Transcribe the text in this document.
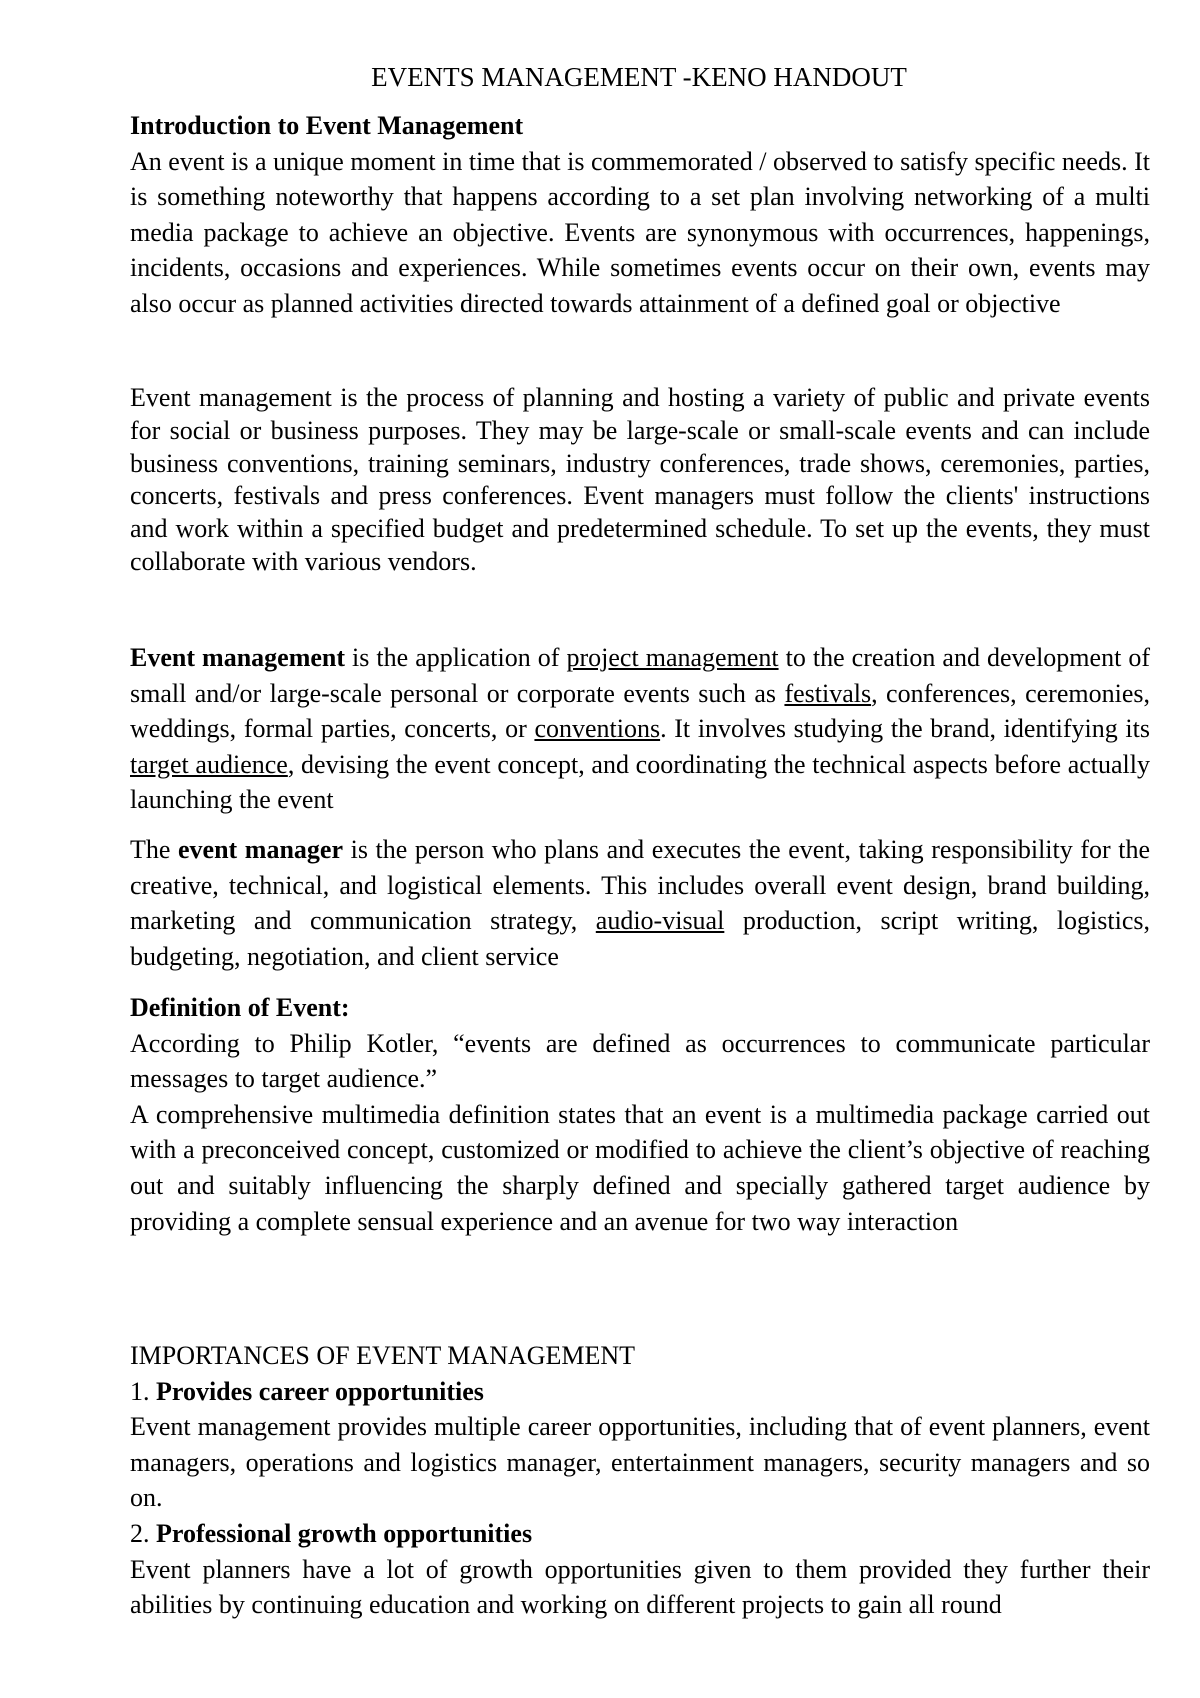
EVENTS MANAGEMENT -KENO HANDOUT

Introduction to Event Management

An event is a unique moment in time that is commemorated / observed to satisfy specific needs. It is something noteworthy that happens according to a set plan involving networking of a multi media package to achieve an objective. Events are synonymous with occurrences, happenings, incidents, occasions and experiences. While sometimes events occur on their own, events may also occur as planned activities directed towards attainment of a defined goal or objective

Event management is the process of planning and hosting a variety of public and private events for social or business purposes. They may be large-scale or small-scale events and can include business conventions, training seminars, industry conferences, trade shows, ceremonies, parties, concerts, festivals and press conferences. Event managers must follow the clients' instructions and work within a specified budget and predetermined schedule. To set up the events, they must collaborate with various vendors.

Event management is the application of project management to the creation and development of small and/or large-scale personal or corporate events such as festivals, conferences, ceremonies, weddings, formal parties, concerts, or conventions. It involves studying the brand, identifying its target audience, devising the event concept, and coordinating the technical aspects before actually launching the event

The event manager is the person who plans and executes the event, taking responsibility for the creative, technical, and logistical elements. This includes overall event design, brand building, marketing and communication strategy, audio-visual production, script writing, logistics, budgeting, negotiation, and client service

Definition of Event:

According to Philip Kotler, “events are defined as occurrences to communicate particular messages to target audience.”

A comprehensive multimedia definition states that an event is a multimedia package carried out with a preconceived concept, customized or modified to achieve the client’s objective of reaching out and suitably influencing the sharply defined and specially gathered target audience by providing a complete sensual experience and an avenue for two way interaction

IMPORTANCES OF EVENT MANAGEMENT

1. Provides career opportunities

Event management provides multiple career opportunities, including that of event planners, event managers, operations and logistics manager, entertainment managers, security managers and so on.

2. Professional growth opportunities

Event planners have a lot of growth opportunities given to them provided they further their abilities by continuing education and working on different projects to gain all round
